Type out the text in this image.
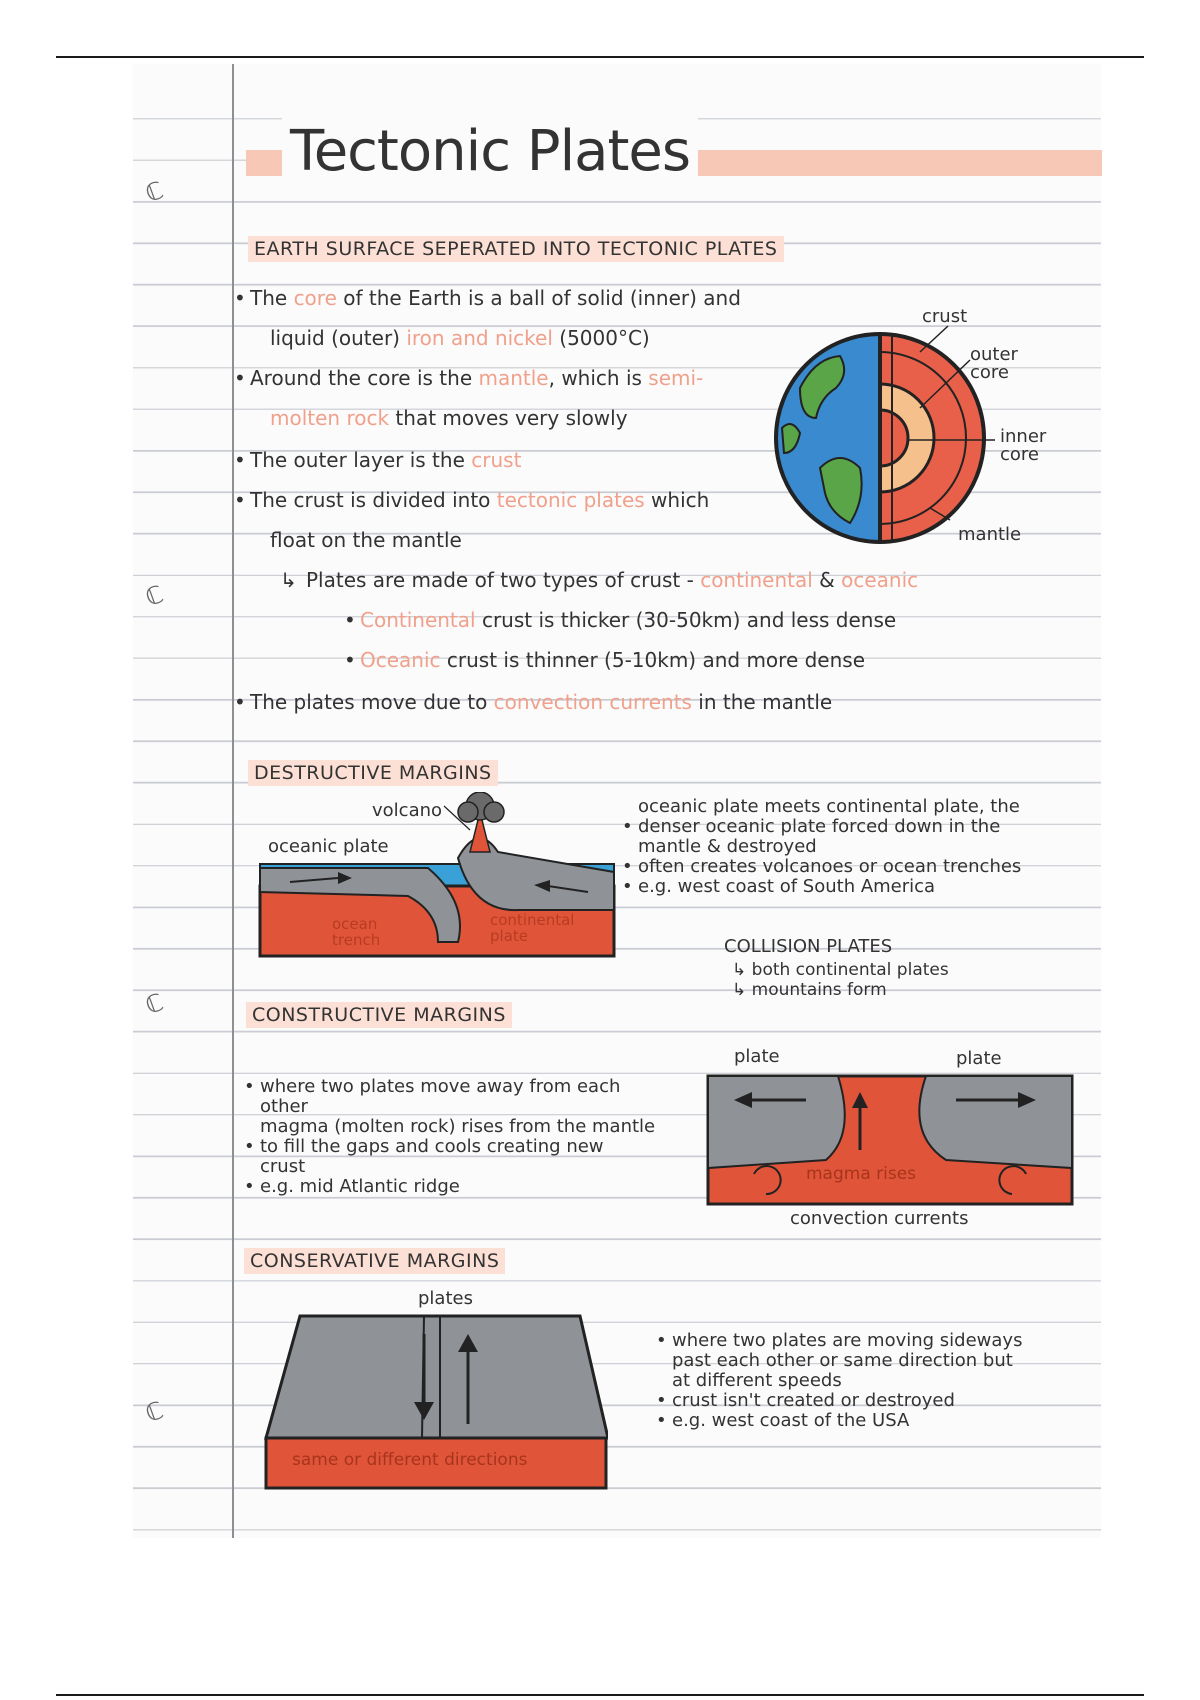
ℂ
ℂ
ℂ
ℂ
Tectonic Plates
EARTH SURFACE SEPERATED INTO TECTONIC PLATES
• The core of the Earth is a ball of solid (inner) and
liquid (outer) iron and nickel (5000°C)
• Around the core is the mantle, which is semi-
molten rock that moves very slowly
• The outer layer is the crust
• The crust is divided into tectonic plates which
float on the mantle
↳ Plates are made of two types of crust - continental & oceanic
• Continental crust is thicker (30-50km) and less dense
• Oceanic crust is thinner (5-10km) and more dense
• The plates move due to convection currents in the mantle
crust
outer
core
inner
core
mantle
DESTRUCTIVE MARGINS
volcano
oceanic plate
ocean
trench
continental
plate
oceanic plate meets continental plate, the
• denser oceanic plate forced down in the
mantle & destroyed
• often creates volcanoes or ocean trenches
• e.g. west coast of South America
COLLISION PLATES
↳ both continental plates
↳ mountains form
CONSTRUCTIVE MARGINS
• where two plates move away from each
other
magma (molten rock) rises from the mantle
• to fill the gaps and cools creating new
crust
• e.g. mid Atlantic ridge
plate	plate
magma rises
convection currents
CONSERVATIVE MARGINS
plates
same or different directions
• where two plates are moving sideways
past each other or same direction but
at different speeds
• crust isn't created or destroyed
• e.g. west coast of the USA
